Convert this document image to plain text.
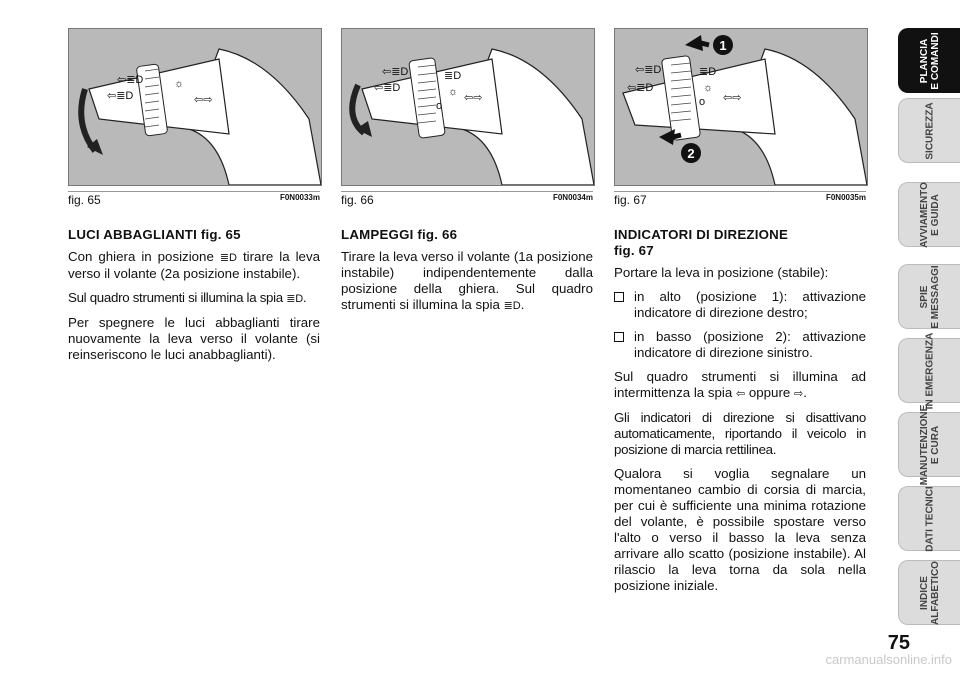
⇦≣D
⇦≣D	☼
⇦⇨
fig. 65	F0N0033m
⇦≣D
⇦≣D	≣D
☼
o
⇦⇨
fig. 66	F0N0034m
⇦≣D
⇦≣D	≣D
☼
o ⇦⇨
1
2
fig. 67	F0N0035m
LUCI ABBAGLIANTI fig. 65

Con ghiera in posizione ≣D tirare la leva verso il volante (2a posizione instabile).

Sul quadro strumenti si illumina la spia ≣D.

Per spegnere le luci abbaglianti tirare nuovamente la leva verso il volante (si reinseriscono le luci anabbaglianti).

LAMPEGGI fig. 66

Tirare la leva verso il volante (1a posizione instabile) indipendentemente dalla posizione della ghiera. Sul quadro strumenti si illumina la spia ≣D.

INDICATORI DI DIREZIONE
fig. 67

Portare la leva in posizione (stabile):

in alto (posizione 1): attivazione indicatore di direzione destro;
in basso (posizione 2): attivazione indicatore di direzione sinistro.

Sul quadro strumenti si illumina ad intermittenza la spia ⇦ oppure ⇨.

Gli indicatori di direzione si disattivano automaticamente, riportando il veicolo in posizione di marcia rettilinea.

Qualora si voglia segnalare un momentaneo cambio di corsia di marcia, per cui è sufficiente una minima rotazione del volante, è possibile spostare verso l'alto o verso il basso la leva senza arrivare allo scatto (posizione instabile). Al rilascio la leva torna da sola nella posizione iniziale.

PLANCIA
E COMANDI
SICUREZZA
AVVIAMENTO
E GUIDA
SPIE
E MESSAGGI
IN EMERGENZA
MANUTENZIONE
E CURA
DATI TECNICI
INDICE
ALFABETICO
75
carmanualsonline.info
